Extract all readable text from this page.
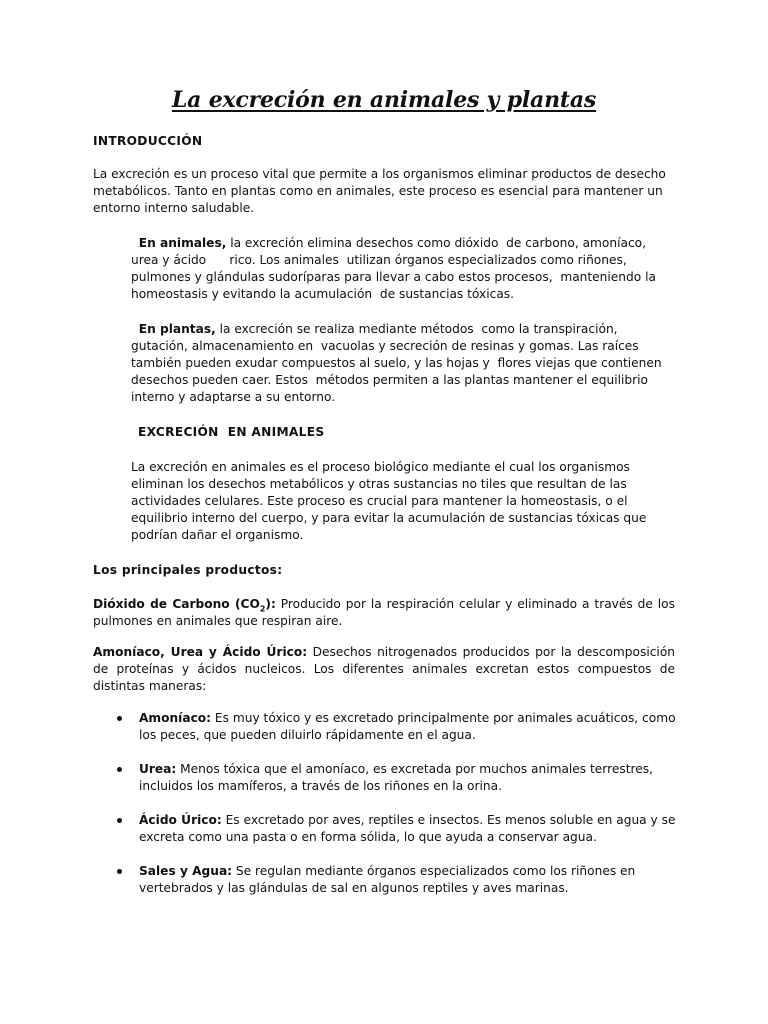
La excreción en animales y plantas

INTRODUCCIÓN

La excreción es un proceso vital que permite a los organismos eliminar productos de desecho metabólicos. Tanto en plantas como en animales, este proceso es esencial para mantener un entorno interno saludable.

En animales, la excreción elimina desechos como dióxido  de carbono, amoníaco, urea y ácido      rico. Los animales  utilizan órganos especializados como riñones, pulmones y glándulas sudoríparas para llevar a cabo estos procesos,  manteniendo la homeostasis y evitando la acumulación  de sustancias tóxicas.

En plantas, la excreción se realiza mediante métodos  como la transpiración, gutación, almacenamiento en  vacuolas y secreción de resinas y gomas. Las raíces  también pueden exudar compuestos al suelo, y las hojas y  flores viejas que contienen desechos pueden caer. Estos  métodos permiten a las plantas mantener el equilibrio  interno y adaptarse a su entorno.

EXCRECIÓN  EN ANIMALES

La excreción en animales es el proceso biológico mediante el cual los organismos eliminan los desechos metabólicos y otras sustancias no tiles que resultan de las actividades celulares. Este proceso es crucial para mantener la homeostasis, o el equilibrio interno del cuerpo, y para evitar la acumulación de sustancias tóxicas que podrían dañar el organismo.

Los principales productos:

Dióxido de Carbono $(CO_2)$: Producido por la respiración celular y eliminado a través de los pulmones en animales que respiran aire.

Amoníaco, Urea y Ácido Úrico: Desechos nitrogenados producidos por la descomposición de proteínas y ácidos nucleicos. Los diferentes animales excretan estos compuestos de distintas maneras:

Amoníaco: Es muy tóxico y es excretado principalmente por animales acuáticos, como los peces, que pueden diluirlo rápidamente en el agua.
Urea: Menos tóxica que el amoníaco, es excretada por muchos animales terrestres, incluidos los mamíferos, a través de los riñones en la orina.
Ácido Úrico: Es excretado por aves, reptiles e insectos. Es menos soluble en agua y se excreta como una pasta o en forma sólida, lo que ayuda a conservar agua.
Sales y Agua: Se regulan mediante órganos especializados como los riñones en vertebrados y las glándulas de sal en algunos reptiles y aves marinas.
